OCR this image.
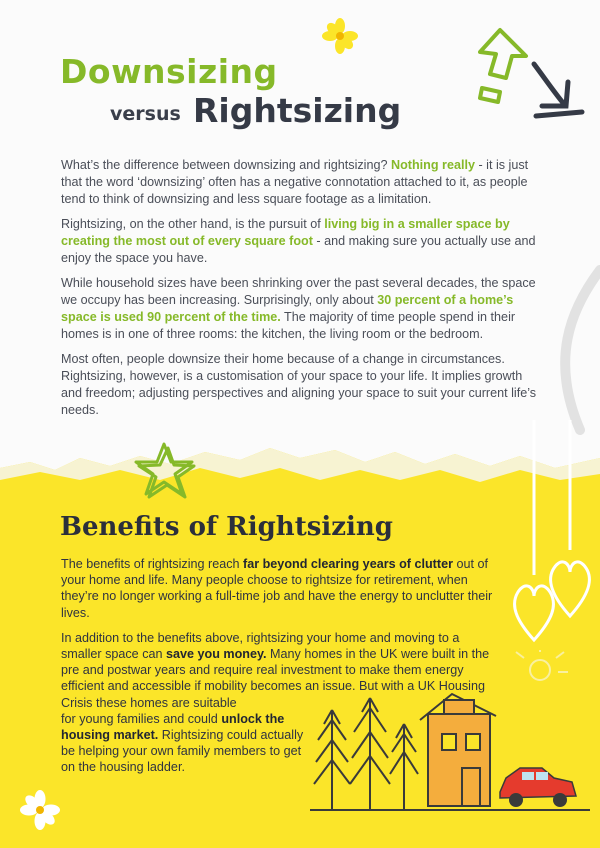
Downsizing
versus Rightsizing

What’s the difference between downsizing and rightsizing? Nothing really - it is just that the word ‘downsizing’ often has a negative connotation attached to it, as people tend to think of downsizing and less square footage as a limitation.

Rightsizing, on the other hand, is the pursuit of living big in a smaller space by creating the most out of every square foot - and making sure you actually use and enjoy the space you have.

While household sizes have been shrinking over the past several decades, the space we occupy has been increasing. Surprisingly, only about 30 percent of a home’s space is used 90 percent of the time. The majority of time people spend in their homes is in one of three rooms: the kitchen, the living room or the bedroom.

Most often, people downsize their home because of a change in circumstances. Rightsizing, however, is a customisation of your space to your life. It implies growth and freedom; adjusting perspectives and aligning your space to suit your current life’s needs.

Benefits of Rightsizing

The benefits of rightsizing reach far beyond clearing years of clutter out of your home and life. Many people choose to rightsize for retirement, when they’re no longer working a full-time job and have the energy to unclutter their lives.

In addition to the benefits above, rightsizing your home and moving to a smaller space can save you money. Many homes in the UK were built in the pre and postwar years and require real investment to make them energy efficient and accessible if mobility becomes an issue. But with a UK Housing Crisis these homes are suitable

for young families and could unlock the housing market. Rightsizing could actually be helping your own family members to get on the housing ladder.
